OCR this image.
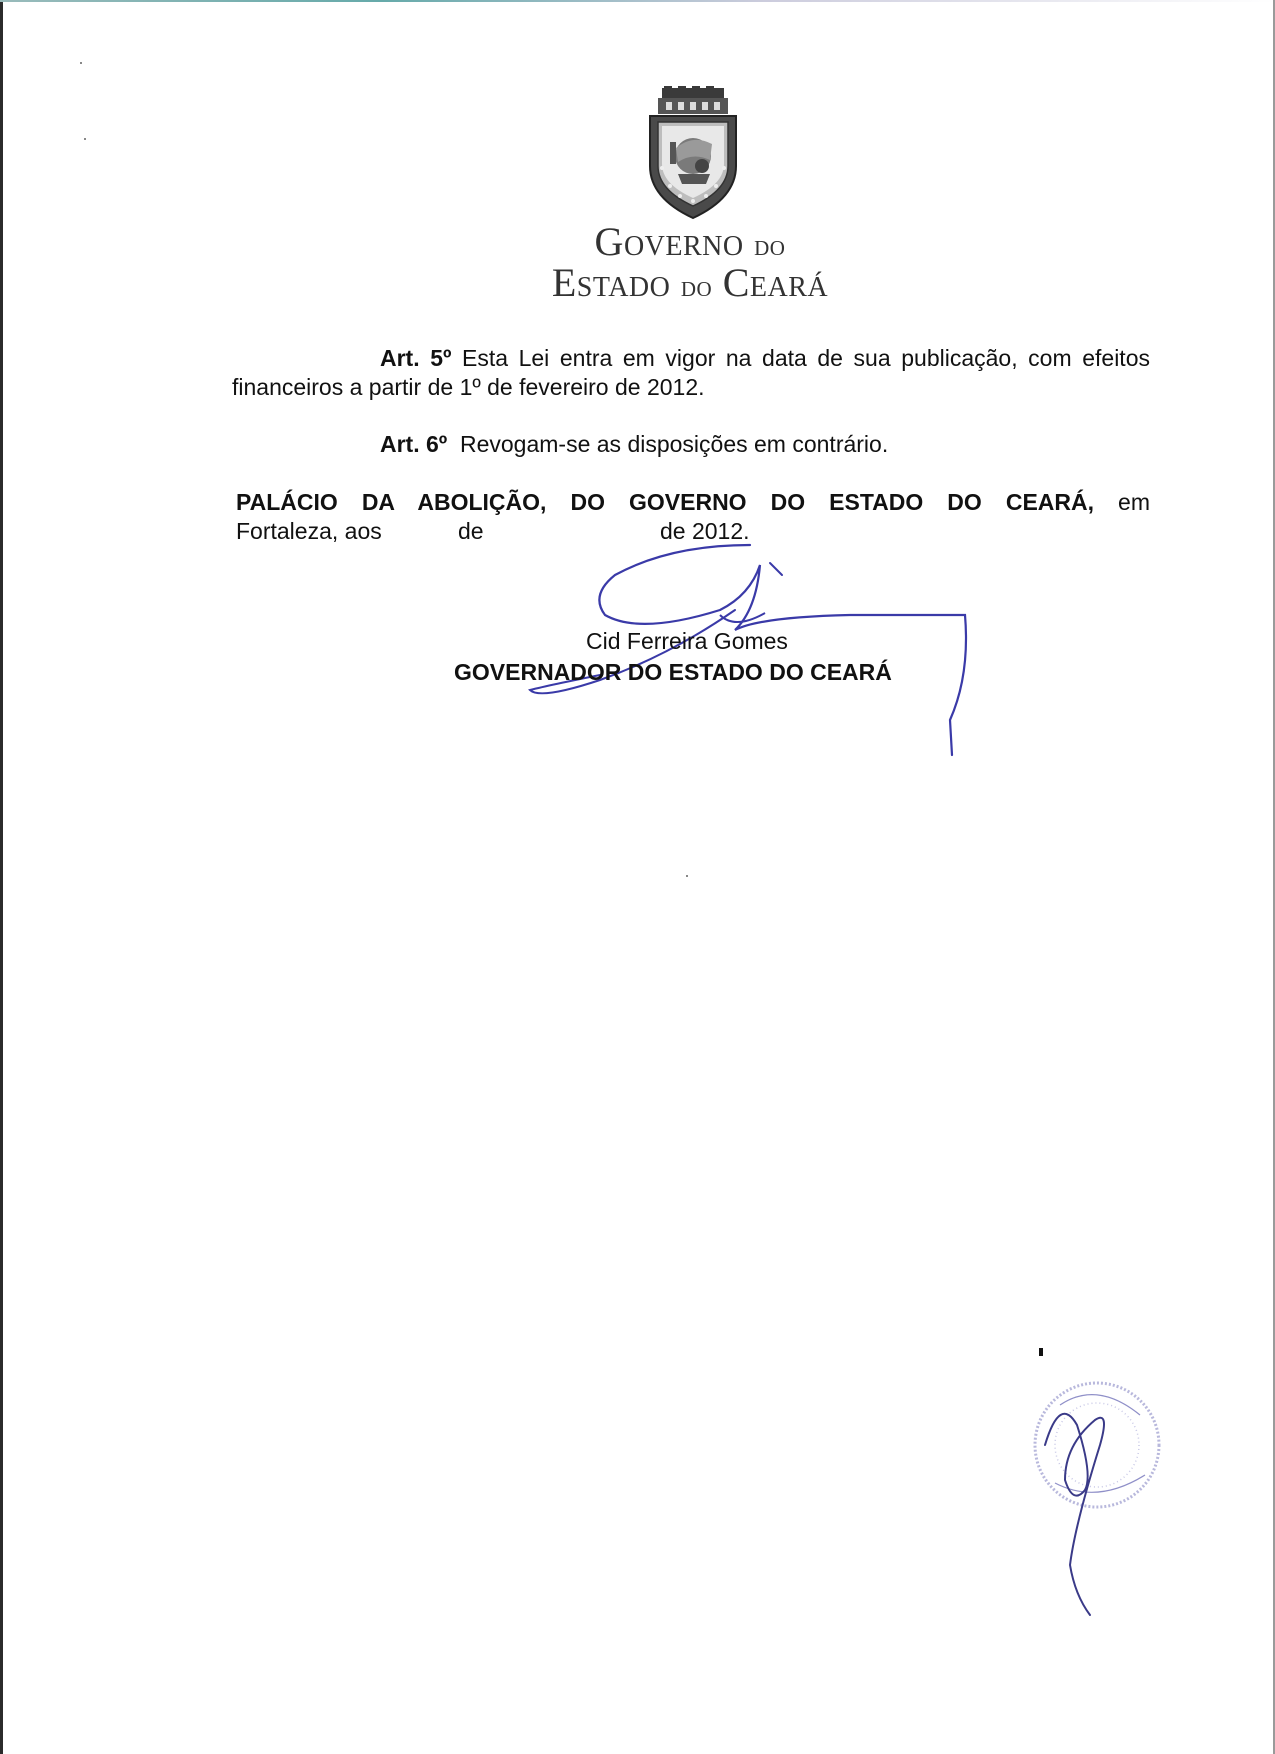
Governo do
Estado do Ceará
Art. 5º Esta Lei entra em vigor na data de sua publicação, com efeitos financeiros a partir de 1º de fevereiro de 2012.
Art. 6º  Revogam-se as disposições em contrário.
PALÁCIO DA ABOLIÇÃO, DO GOVERNO DO ESTADO DO CEARÁ, em
Fortaleza, aos	de	de 2012.
Cid Ferreira Gomes
GOVERNADOR DO ESTADO DO CEARÁ
